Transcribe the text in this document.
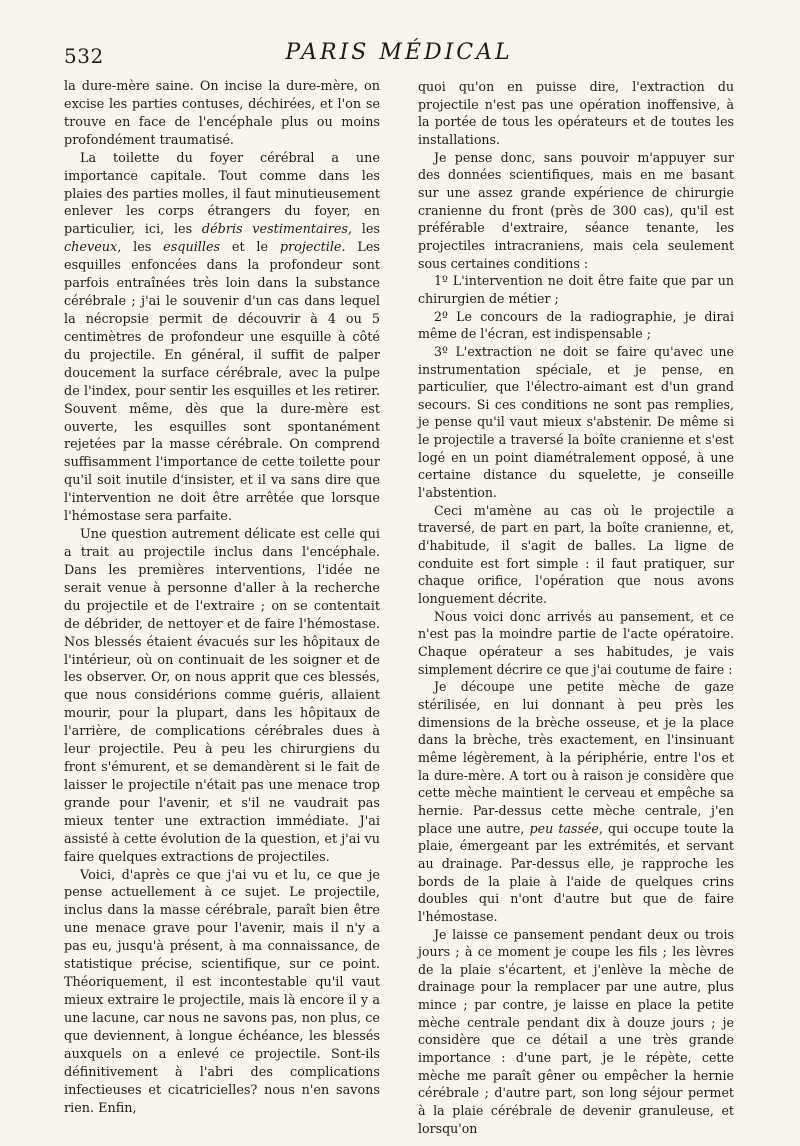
532	PARIS MÉDICAL

la dure-mère saine. On incise la dure-mère, on excise les parties contuses, déchirées, et l'on se trouve en face de l'encéphale plus ou moins profondément traumatisé.

La toilette du foyer cérébral a une importance capitale. Tout comme dans les plaies des parties molles, il faut minutieusement enlever les corps étrangers du foyer, en particulier, ici, les débris vestimentaires, les cheveux, les esquilles et le projectile. Les esquilles enfoncées dans la profondeur sont parfois entraînées très loin dans la substance cérébrale ; j'ai le souvenir d'un cas dans lequel la nécropsie permit de découvrir à 4 ou 5 centimètres de profondeur une esquille à côté du projectile. En général, il suffit de palper doucement la surface cérébrale, avec la pulpe de l'index, pour sentir les esquilles et les retirer. Souvent même, dès que la dure-mère est ouverte, les esquilles sont spontanément rejetées par la masse cérébrale. On comprend suffisamment l'importance de cette toilette pour qu'il soit inutile d'insister, et il va sans dire que l'intervention ne doit être arrêtée que lorsque l'hémostase sera parfaite.

Une question autrement délicate est celle qui a trait au projectile inclus dans l'encéphale. Dans les premières interventions, l'idée ne serait venue à personne d'aller à la recherche du projectile et de l'extraire ; on se contentait de débrider, de nettoyer et de faire l'hémostase. Nos blessés étaient évacués sur les hôpitaux de l'intérieur, où on continuait de les soigner et de les observer. Or, on nous apprit que ces blessés, que nous considérions comme guéris, allaient mourir, pour la plupart, dans les hôpitaux de l'arrière, de complications cérébrales dues à leur projectile. Peu à peu les chirurgiens du front s'émurent, et se demandèrent si le fait de laisser le projectile n'était pas une menace trop grande pour l'avenir, et s'il ne vaudrait pas mieux tenter une extraction immédiate. J'ai assisté à cette évolution de la question, et j'ai vu faire quelques extractions de projectiles.

Voici, d'après ce que j'ai vu et lu, ce que je pense actuellement à ce sujet. Le projectile, inclus dans la masse cérébrale, paraît bien être une menace grave pour l'avenir, mais il n'y a pas eu, jusqu'à présent, à ma connaissance, de statistique précise, scientifique, sur ce point. Théoriquement, il est incontestable qu'il vaut mieux extraire le projectile, mais là encore il y a une lacune, car nous ne savons pas, non plus, ce que deviennent, à longue échéance, les blessés auxquels on a enlevé ce projectile. Sont-ils définitivement à l'abri des complications infectieuses et cicatricielles? nous n'en savons rien. Enfin,

quoi qu'on en puisse dire, l'extraction du projectile n'est pas une opération inoffensive, à la portée de tous les opérateurs et de toutes les installations.

Je pense donc, sans pouvoir m'appuyer sur des données scientifiques, mais en me basant sur une assez grande expérience de chirurgie cranienne du front (près de 300 cas), qu'il est préférable d'extraire, séance tenante, les projectiles intracraniens, mais cela seulement sous certaines conditions :

1º L'intervention ne doit être faite que par un chirurgien de métier ;

2º Le concours de la radiographie, je dirai même de l'écran, est indispensable ;

3º L'extraction ne doit se faire qu'avec une instrumentation spéciale, et je pense, en particulier, que l'électro-aimant est d'un grand secours. Si ces conditions ne sont pas remplies, je pense qu'il vaut mieux s'abstenir. De même si le projectile a traversé la boîte cranienne et s'est logé en un point diamétralement opposé, à une certaine distance du squelette, je conseille l'abstention.

Ceci m'amène au cas où le projectile a traversé, de part en part, la boîte cranienne, et, d'habitude, il s'agit de balles. La ligne de conduite est fort simple : il faut pratiquer, sur chaque orifice, l'opération que nous avons longuement décrite.

Nous voici donc arrivés au pansement, et ce n'est pas la moindre partie de l'acte opératoire. Chaque opérateur a ses habitudes, je vais simplement décrire ce que j'ai coutume de faire :

Je découpe une petite mèche de gaze stérilisée, en lui donnant à peu près les dimensions de la brèche osseuse, et je la place dans la brèche, très exactement, en l'insinuant même légèrement, à la périphérie, entre l'os et la dure-mère. A tort ou à raison je considère que cette mèche maintient le cerveau et empêche sa hernie. Par-dessus cette mèche centrale, j'en place une autre, peu tassée, qui occupe toute la plaie, émergeant par les extrémités, et servant au drainage. Par-dessus elle, je rapproche les bords de la plaie à l'aide de quelques crins doubles qui n'ont d'autre but que de faire l'hémostase.

Je laisse ce pansement pendant deux ou trois jours ; à ce moment je coupe les fils ; les lèvres de la plaie s'écartent, et j'enlève la mèche de drainage pour la remplacer par une autre, plus mince ; par contre, je laisse en place la petite mèche centrale pendant dix à douze jours ; je considère que ce détail a une très grande importance : d'une part, je le répète, cette mèche me paraît gêner ou empêcher la hernie cérébrale ; d'autre part, son long séjour permet à la plaie cérébrale de devenir granuleuse, et lorsqu'on
